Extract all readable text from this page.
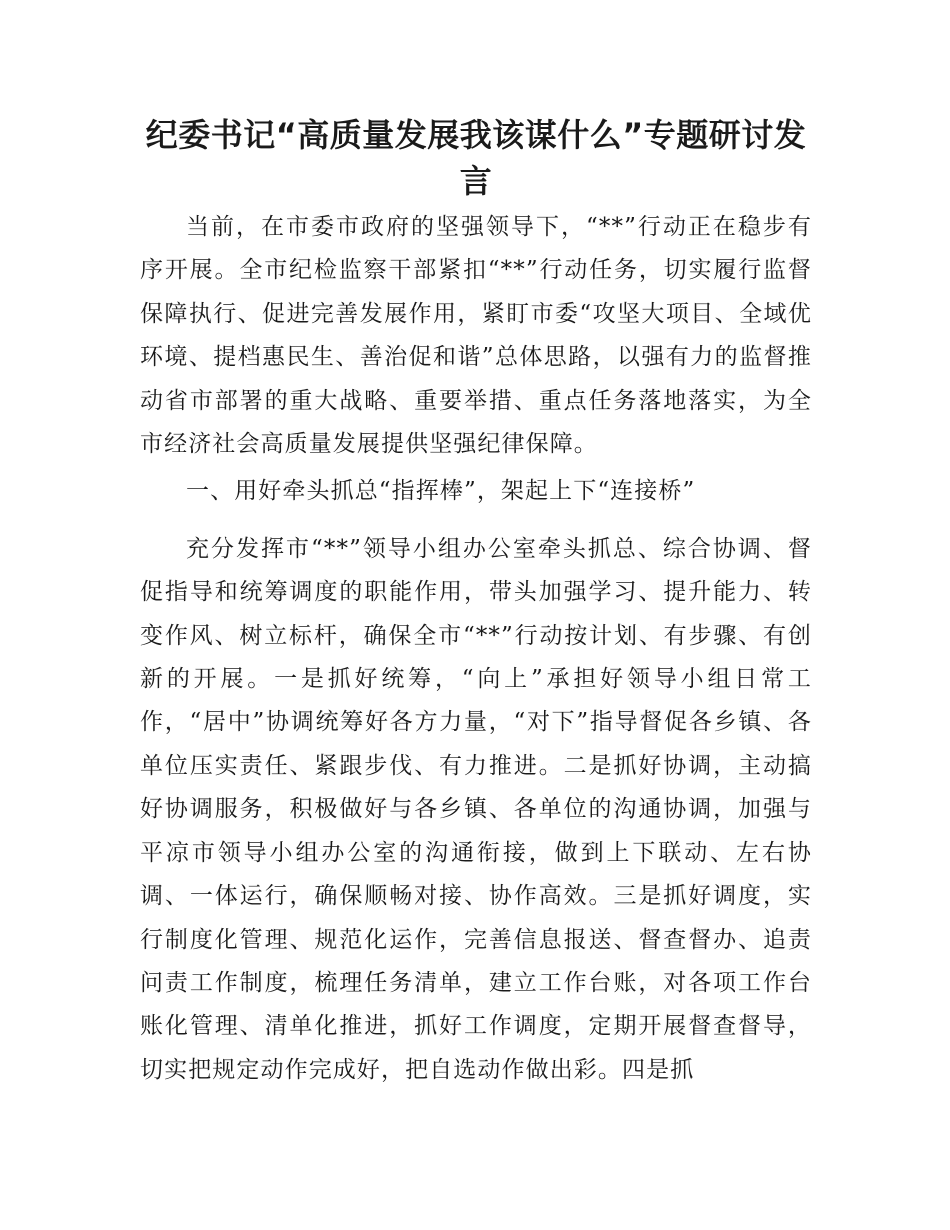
纪委书记“高质量发展我该谋什么”专题研讨发言

当前，在市委市政府的坚强领导下，“**”行动正在稳步有序开展。全市纪检监察干部紧扣“**”行动任务，切实履行监督保障执行、促进完善发展作用，紧盯市委“攻坚大项目、全域优环境、提档惠民生、善治促和谐”总体思路，以强有力的监督推动省市部署的重大战略、重要举措、重点任务落地落实，为全市经济社会高质量发展提供坚强纪律保障。

一、用好牵头抓总“指挥棒”，架起上下“连接桥”

充分发挥市“**”领导小组办公室牵头抓总、综合协调、督促指导和统筹调度的职能作用，带头加强学习、提升能力、转变作风、树立标杆，确保全市“**”行动按计划、有步骤、有创新的开展。一是抓好统筹，“向上”承担好领导小组日常工作，“居中”协调统筹好各方力量，“对下”指导督促各乡镇、各单位压实责任、紧跟步伐、有力推进。二是抓好协调，主动搞好协调服务，积极做好与各乡镇、各单位的沟通协调，加强与平凉市领导小组办公室的沟通衔接，做到上下联动、左右协调、一体运行，确保顺畅对接、协作高效。三是抓好调度，实行制度化管理、规范化运作，完善信息报送、督查督办、追责问责工作制度，梳理任务清单，建立工作台账，对各项工作台账化管理、清单化推进，抓好工作调度，定期开展督查督导，切实把规定动作完成好，把自选动作做出彩。四是抓
